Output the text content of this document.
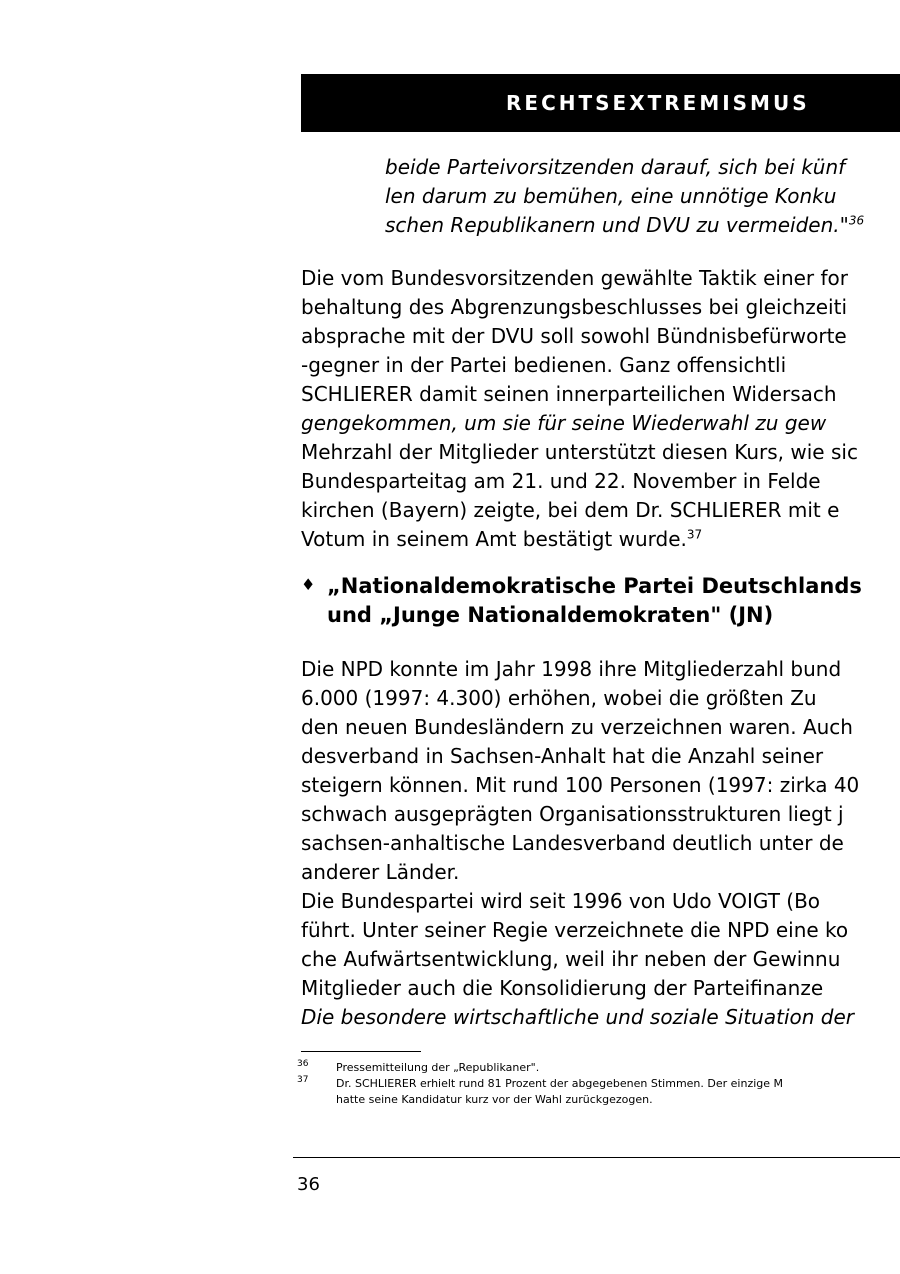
RECHTSEXTREMISMUS
beide Parteivorsitzenden darauf, sich bei künf
len darum zu bemühen, eine unnötige Konku
schen Republikanern und DVU zu vermeiden."$^{36}$
Die vom Bundesvorsitzenden gewählte Taktik einer for
behaltung des Abgrenzungsbeschlusses bei gleichzeiti
absprache mit der DVU soll sowohl Bündnisbefürworte
-gegner in der Partei bedienen. Ganz offensichtli
SCHLIERER damit seinen innerparteilichen Widersach
gengekommen, um sie für seine Wiederwahl zu gew
Mehrzahl der Mitglieder unterstützt diesen Kurs, wie sic
Bundesparteitag am 21. und 22. November in Felde
kirchen (Bayern) zeigte, bei dem Dr. SCHLIERER mit e
Votum in seinem Amt bestätigt wurde.$^{37}$
♦ „Nationaldemokratische Partei Deutschlands
und „Junge Nationaldemokraten" (JN)
Die NPD konnte im Jahr 1998 ihre Mitgliederzahl bund
6.000 (1997: 4.300) erhöhen, wobei die größten Zu
den neuen Bundesländern zu verzeichnen waren. Auch
desverband in Sachsen-Anhalt hat die Anzahl seiner
steigern können. Mit rund 100 Personen (1997: zirka 40
schwach ausgeprägten Organisationsstrukturen liegt j
sachsen-anhaltische Landesverband deutlich unter de
anderer Länder.
Die Bundespartei wird seit 1996 von Udo VOIGT (Bo
führt. Unter seiner Regie verzeichnete die NPD eine ko
che Aufwärtsentwicklung, weil ihr neben der Gewinnu
Mitglieder auch die Konsolidierung der Parteifinanze
Die besondere wirtschaftliche und soziale Situation der
36	Pressemitteilung der „Republikaner".
37	Dr. SCHLIERER erhielt rund 81 Prozent der abgegebenen Stimmen. Der einzige M
hatte seine Kandidatur kurz vor der Wahl zurückgezogen.
36
